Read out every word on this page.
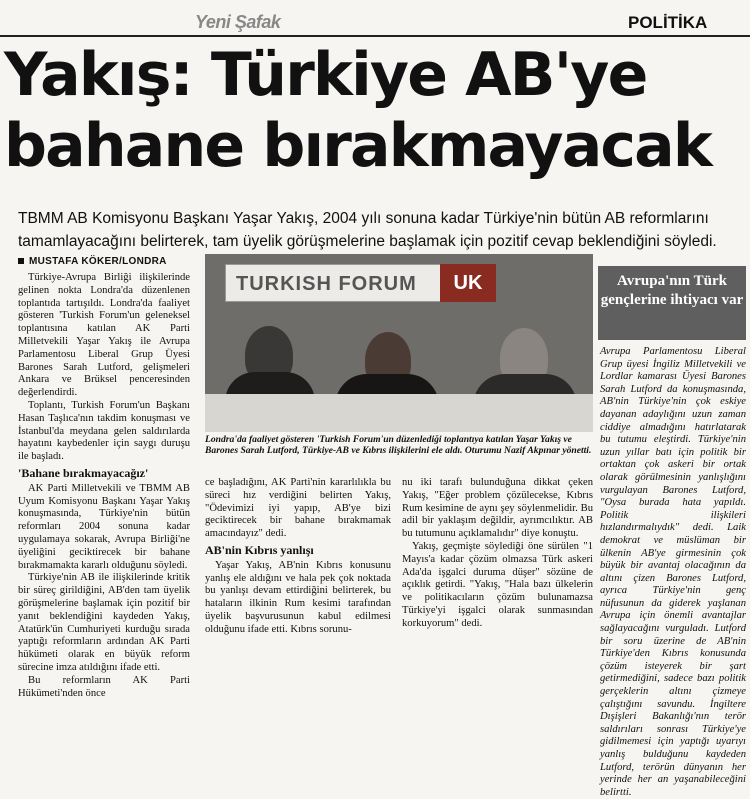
Yeni Şafak	POLİTİKA
Yakış: Türkiye AB'ye
bahane bırakmayacak
TBMM AB Komisyonu Başkanı Yaşar Yakış, 2004 yılı sonuna kadar Türkiye'nin bütün AB reformlarını tamamlayacağını belirterek, tam üyelik görüşmelerine başlamak için pozitif cevap beklendiğini söyledi.
MUSTAFA KÖKER/LONDRA

Türkiye-Avrupa Birliği ilişkilerinde gelinen nokta Londra'da düzenlenen toplantıda tartışıldı. Londra'da faaliyet gösteren 'Turkish Forum'un geleneksel toplantısına katılan AK Parti Milletvekili Yaşar Yakış ile Avrupa Parlamentosu Liberal Grup Üyesi Barones Sarah Lutford, gelişmeleri Ankara ve Brüksel penceresinden değerlendirdi.

Toplantı, Turkish Forum'un Başkanı Hasan Taşlıca'nın takdim konuşması ve İstanbul'da meydana gelen saldırılarda hayatını kaybedenler için saygı duruşu ile başladı.

'Bahane bırakmayacağız'

AK Parti Milletvekili ve TBMM AB Uyum Komisyonu Başkanı Yaşar Yakış konuşmasında, Türkiye'nin bütün reformları 2004 sonuna kadar uygulamaya sokarak, Avrupa Birliği'ne üyeliğini geciktirecek bir bahane bırakmamakta kararlı olduğunu söyledi.

Türkiye'nin AB ile ilişkilerinde kritik bir süreç girildiğini, AB'den tam üyelik görüşmelerine başlamak için pozitif bir yanıt beklendiğini kaydeden Yakış, Atatürk'ün Cumhuriyeti kurduğu sırada yaptığı reformların ardından AK Parti hükümeti olarak en büyük reform sürecine imza atıldığını ifade etti.

Bu reformların AK Parti Hükümeti'nden önce

TURKISH FORUM	UK
Londra'da faaliyet gösteren 'Turkish Forum'un düzenlediği toplantıya katılan Yaşar Yakış ve Barones Sarah Lutford, Türkiye-AB ve Kıbrıs ilişkilerini ele aldı. Oturumu Nazif Akpınar yönetti.

ce başladığını, AK Parti'nin kararlılıkla bu süreci hız verdiğini belirten Yakış, "Ödevimizi iyi yapıp, AB'ye bizi geciktirecek bir bahane bırakmamak amacındayız" dedi.

AB'nin Kıbrıs yanlışı

Yaşar Yakış, AB'nin Kıbrıs konusunu yanlış ele aldığını ve hala pek çok noktada bu yanlışı devam ettirdiğini belirterek, bu hataların ilkinin Rum kesimi tarafından üyelik başvurusunun kabul edilmesi olduğunu ifade etti. Kıbrıs sorunu-

nu iki tarafı bulunduğuna dikkat çeken Yakış, "Eğer problem çözülecekse, Kıbrıs Rum kesimine de aynı şey söylenmelidir. Bu adil bir yaklaşım değildir, ayrımcılıktır. AB bu tutumunu açıklamalıdır" diye konuştu.

Yakış, geçmişte söylediği öne sürülen "1 Mayıs'a kadar çözüm olmazsa Türk askeri Ada'da işgalci duruma düşer" sözüne de açıklık getirdi. "Yakış, "Hala bazı ülkelerin ve politikacıların çözüm bulunamazsa Türkiye'yi işgalci olarak sunmasından korkuyorum" dedi.

Avrupa'nın Türk gençlerine ihtiyacı var
Avrupa Parlamentosu Liberal Grup üyesi İngiliz Milletvekili ve Lordlar kamarası Üyesi Barones Sarah Lutford da konuşmasında, AB'nin Türkiye'nin çok eskiye dayanan adaylığını uzun zaman ciddiye almadığını hatırlatarak bu tutumu eleştirdi. Türkiye'nin uzun yıllar batı için politik bir ortaktan çok askeri bir ortak olarak görülmesinin yanlışlığını vurgulayan Barones Lutford, "Oysa burada hata yapıldı. Politik ilişkileri hızlandırmalıydık" dedi. Laik demokrat ve müslüman bir ülkenin AB'ye girmesinin çok büyük bir avantaj olacağının da altını çizen Barones Lutford, ayrıca Türkiye'nin genç nüfusunun da giderek yaşlanan Avrupa için önemli avantajlar sağlayacağını vurguladı. Lutford bir soru üzerine de AB'nin Türkiye'den Kıbrıs konusunda çözüm isteyerek bir şart getirmediğini, sadece bazı politik gerçeklerin altını çizmeye çalıştığını savundu. İngiltere Dışişleri Bakanlığı'nın terör saldırıları sonrası Türkiye'ye gidilmemesi için yaptığı uyarıyı yanlış bulduğunu kaydeden Lutford, terörün dünyanın her yerinde her an yaşanabileceğini belirtti.
